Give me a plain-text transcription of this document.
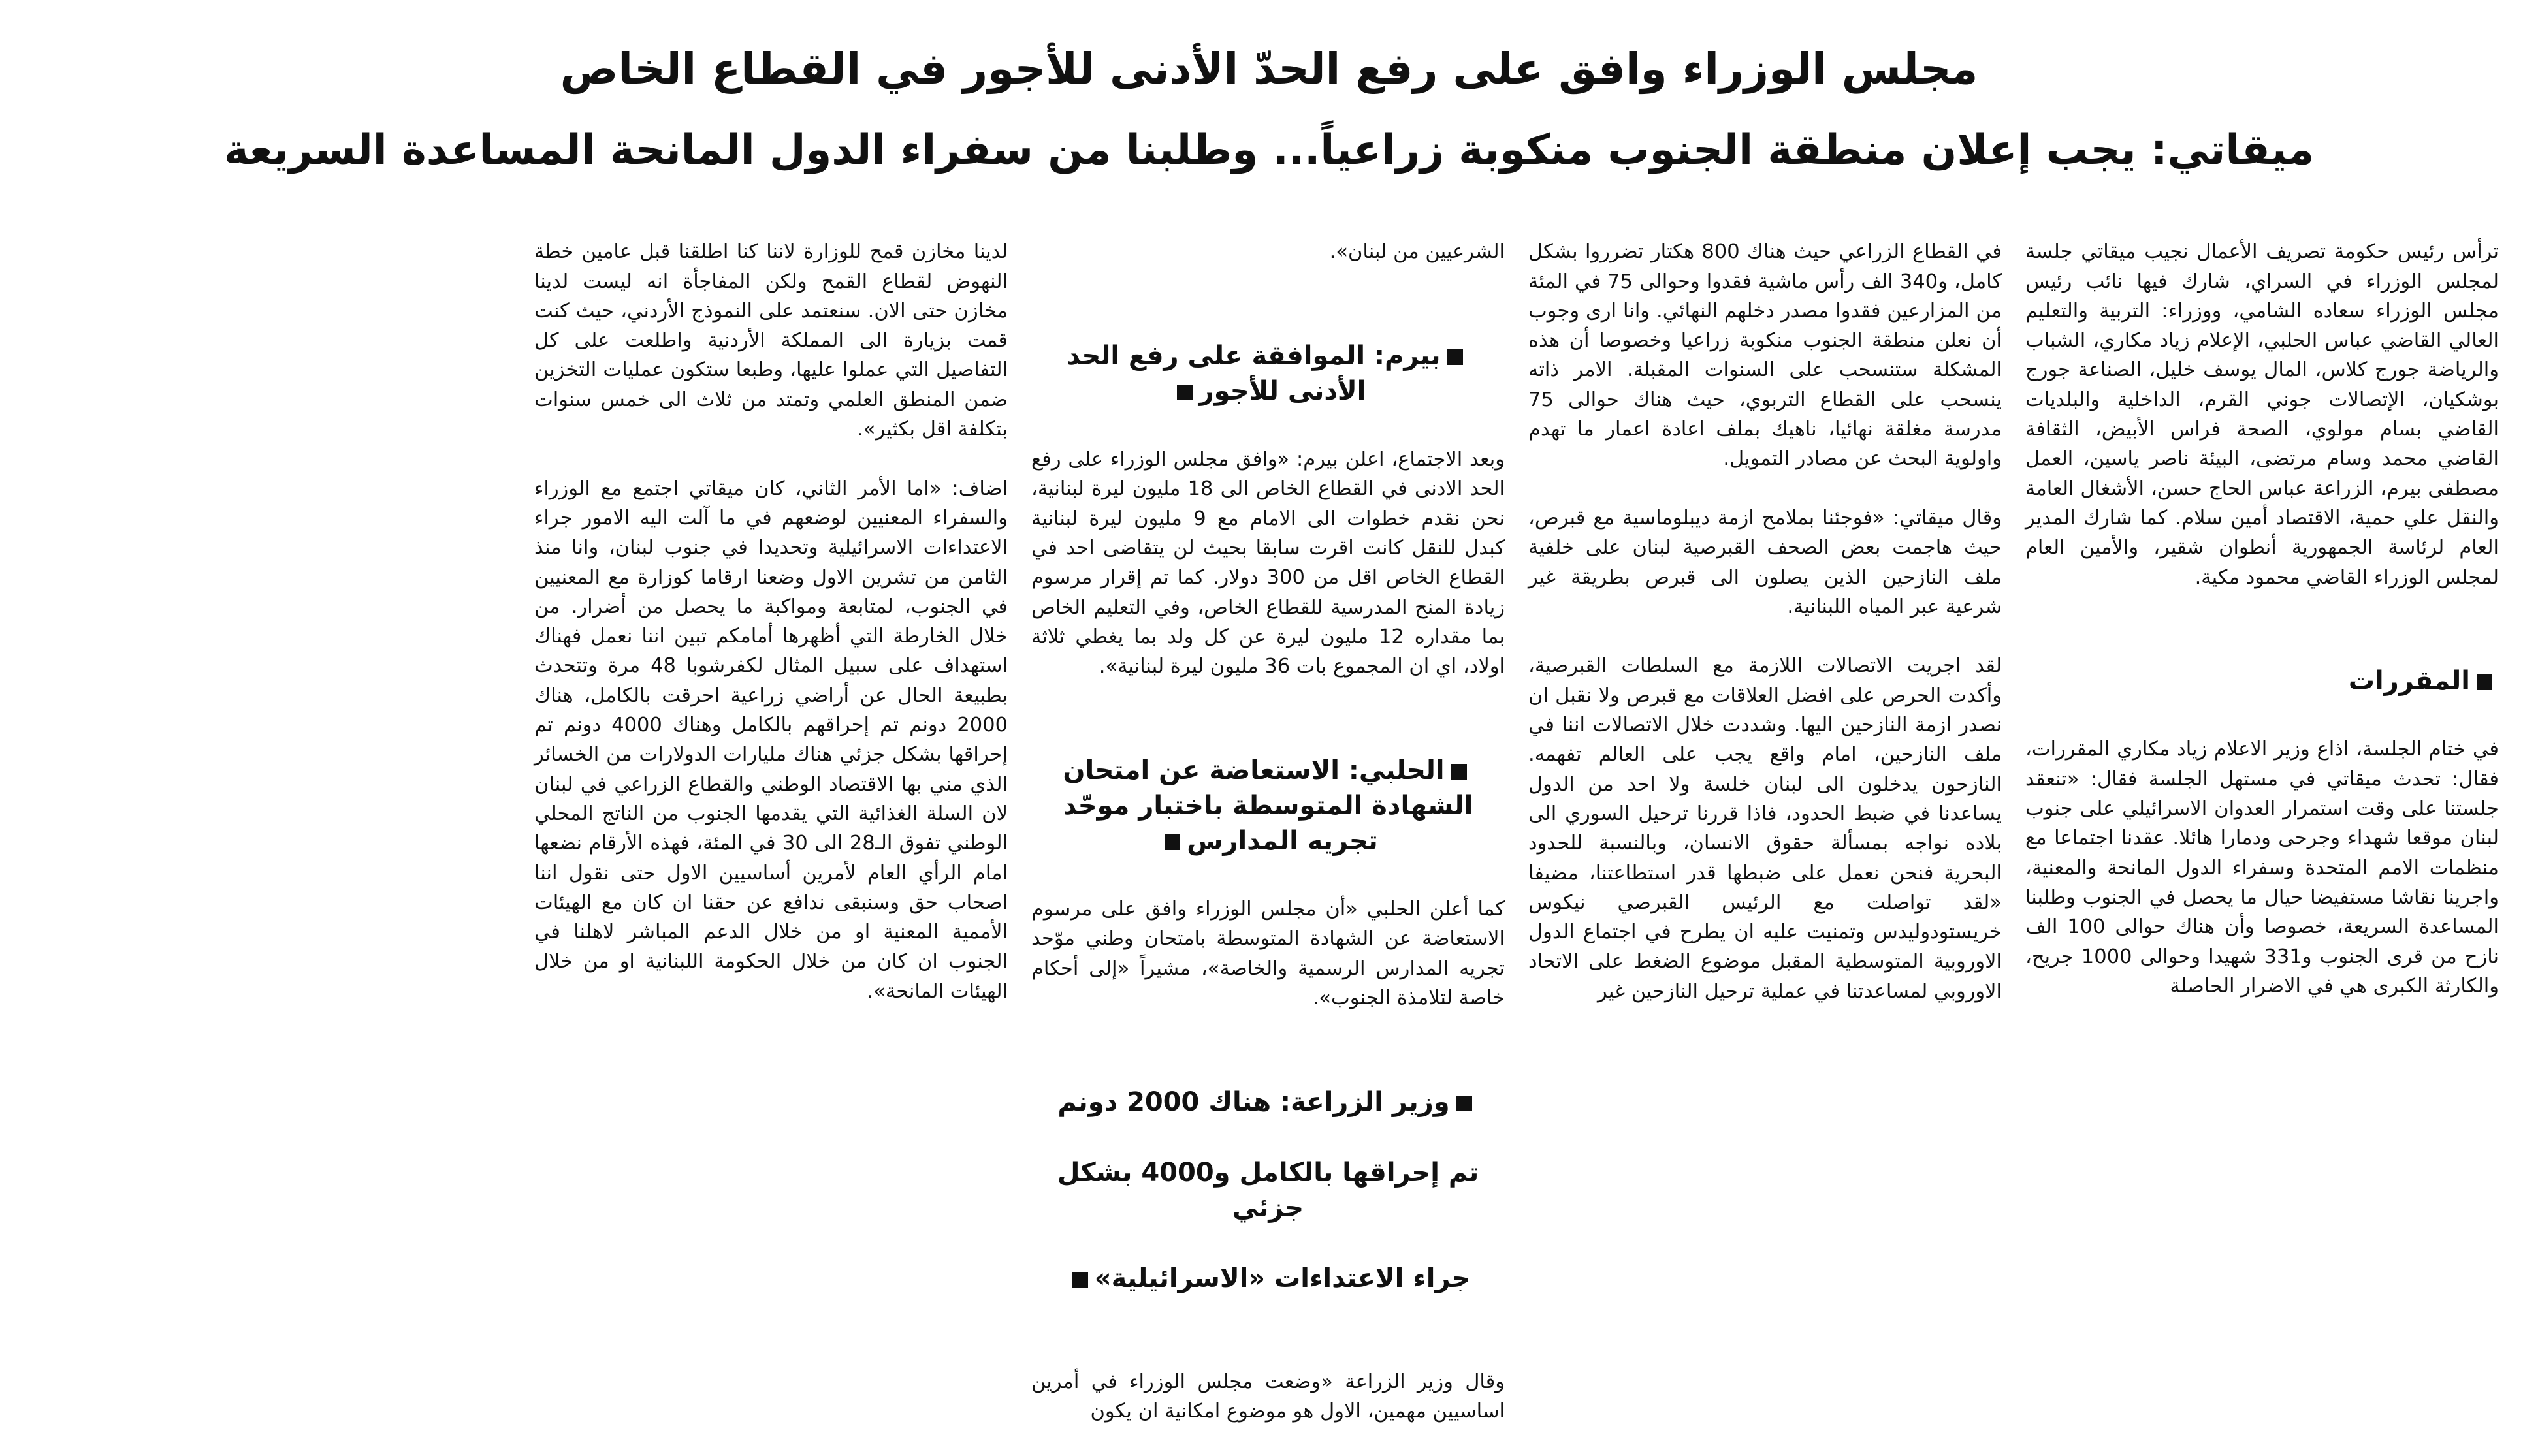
مجلس الوزراء وافق على رفع الحدّ الأدنى للأجور في القطاع الخاص
ميقاتي: يجب إعلان منطقة الجنوب منكوبة زراعياً... وطلبنا من سفراء الدول المانحة المساعدة السريعة

ترأس رئيس حكومة تصريف الأعمال نجيب ميقاتي جلسة لمجلس الوزراء في السراي، شارك فيها نائب رئيس مجلس الوزراء سعاده الشامي، ووزراء: التربية والتعليم العالي القاضي عباس الحلبي، الإعلام زياد مكاري، الشباب والرياضة جورج كلاس، المال يوسف خليل، الصناعة جورج بوشكيان، الإتصالات جوني القرم، الداخلية والبلديات القاضي بسام مولوي، الصحة فراس الأبيض، الثقافة القاضي محمد وسام مرتضى، البيئة ناصر ياسين، العمل مصطفى بيرم، الزراعة عباس الحاج حسن، الأشغال العامة والنقل علي حمية، الاقتصاد أمين سلام. كما شارك المدير العام لرئاسة الجمهورية أنطوان شقير، والأمين العام لمجلس الوزراء القاضي محمود مكية.

المقررات

في ختام الجلسة، اذاع وزير الاعلام زياد مكاري المقررات، فقال: تحدث ميقاتي في مستهل الجلسة فقال: «تنعقد جلستنا على وقت استمرار العدوان الاسرائيلي على جنوب لبنان موقعا شهداء وجرحى ودمارا هائلا. عقدنا اجتماعا مع منظمات الامم المتحدة وسفراء الدول المانحة والمعنية، واجرينا نقاشا مستفيضا حيال ما يحصل في الجنوب وطلبنا المساعدة السريعة، خصوصا وأن هناك حوالى 100 الف نازح من قرى الجنوب و331 شهيدا وحوالى 1000 جريح، والكارثة الكبرى هي في الاضرار الحاصلة

في القطاع الزراعي حيث هناك 800 هكتار تضرروا بشكل كامل، و340 الف رأس ماشية فقدوا وحوالى 75 في المئة من المزارعين فقدوا مصدر دخلهم النهائي. وانا ارى وجوب أن نعلن منطقة الجنوب منكوبة زراعيا وخصوصا أن هذه المشكلة ستنسحب على السنوات المقبلة. الامر ذاته ينسحب على القطاع التربوي، حيث هناك حوالى 75 مدرسة مغلقة نهائيا، ناهيك بملف اعادة اعمار ما تهدم واولوية البحث عن مصادر التمويل.

وقال ميقاتي: «فوجئنا بملامح ازمة ديبلوماسية مع قبرص، حيث هاجمت بعض الصحف القبرصية لبنان على خلفية ملف النازحين الذين يصلون الى قبرص بطريقة غير شرعية عبر المياه اللبنانية.

لقد اجريت الاتصالات اللازمة مع السلطات القبرصية، وأكدت الحرص على افضل العلاقات مع قبرص ولا نقبل ان نصدر ازمة النازحين اليها. وشددت خلال الاتصالات اننا في ملف النازحين، امام واقع يجب على العالم تفهمه. النازحون يدخلون الى لبنان خلسة ولا احد من الدول يساعدنا في ضبط الحدود، فاذا قررنا ترحيل السوري الى بلاده نواجه بمسألة حقوق الانسان، وبالنسبة للحدود البحرية فنحن نعمل على ضبطها قدر استطاعتنا، مضيفا «لقد تواصلت مع الرئيس القبرصي نيكوس خريستودوليدس وتمنيت عليه ان يطرح في اجتماع الدول الاوروبية المتوسطية المقبل موضوع الضغط على الاتحاد الاوروبي لمساعدتنا في عملية ترحيل النازحين غير

الشرعيين من لبنان».

بيرم: الموافقة على رفع الحد الأدنى للأجور

وبعد الاجتماع، اعلن بيرم: «وافق مجلس الوزراء على رفع الحد الادنى في القطاع الخاص الى 18 مليون ليرة لبنانية، نحن نقدم خطوات الى الامام مع 9 مليون ليرة لبنانية كبدل للنقل كانت اقرت سابقا بحيث لن يتقاضى احد في القطاع الخاص اقل من 300 دولار. كما تم إقرار مرسوم زيادة المنح المدرسية للقطاع الخاص، وفي التعليم الخاص بما مقداره 12 مليون ليرة عن كل ولد بما يغطي ثلاثة اولاد، اي ان المجموع بات 36 مليون ليرة لبنانية».

الحلبي: الاستعاضة عن امتحان الشهادة المتوسطة باختبار موحّد تجريه المدارس

كما أعلن الحلبي «أن مجلس الوزراء وافق على مرسوم الاستعاضة عن الشهادة المتوسطة بامتحان وطني موّحد تجريه المدارس الرسمية والخاصة»، مشيراً «إلى أحكام خاصة لتلامذة الجنوب».

وزير الزراعة: هناك 2000 دونم

تم إحراقها بالكامل و4000 بشكل جزئي

جراء الاعتداءات «الاسرائيلية»

وقال وزير الزراعة «وضعت مجلس الوزراء في أمرين اساسيين مهمين، الاول هو موضوع امكانية ان يكون

لدينا مخازن قمح للوزارة لاننا كنا اطلقنا قبل عامين خطة النهوض لقطاع القمح ولكن المفاجأة انه ليست لدينا مخازن حتى الان. سنعتمد على النموذج الأردني، حيث كنت قمت بزيارة الى المملكة الأردنية واطلعت على كل التفاصيل التي عملوا عليها، وطبعا ستكون عمليات التخزين ضمن المنطق العلمي وتمتد من ثلاث الى خمس سنوات بتكلفة اقل بكثير».

اضاف: «اما الأمر الثاني، كان ميقاتي اجتمع مع الوزراء والسفراء المعنيين لوضعهم في ما آلت اليه الامور جراء الاعتداءات الاسرائيلية وتحديدا في جنوب لبنان، وانا منذ الثامن من تشرين الاول وضعنا ارقاما كوزارة مع المعنيين في الجنوب، لمتابعة ومواكبة ما يحصل من أضرار. من خلال الخارطة التي أظهرها أمامكم تبين اننا نعمل فهناك استهداف على سبيل المثال لكفرشوبا 48 مرة وتتحدث بطبيعة الحال عن أراضي زراعية احرقت بالكامل، هناك 2000 دونم تم إحراقهم بالكامل وهناك 4000 دونم تم إحراقها بشكل جزئي هناك مليارات الدولارات من الخسائر الذي مني بها الاقتصاد الوطني والقطاع الزراعي في لبنان لان السلة الغذائية التي يقدمها الجنوب من الناتج المحلي الوطني تفوق الـ28 الى 30 في المئة، فهذه الأرقام نضعها امام الرأي العام لأمرين أساسيين الاول حتى نقول اننا اصحاب حق وسنبقى ندافع عن حقنا ان كان مع الهيئات الأممية المعنية او من خلال الدعم المباشر لاهلنا في الجنوب ان كان من خلال الحكومة اللبنانية او من خلال الهيئات المانحة».
